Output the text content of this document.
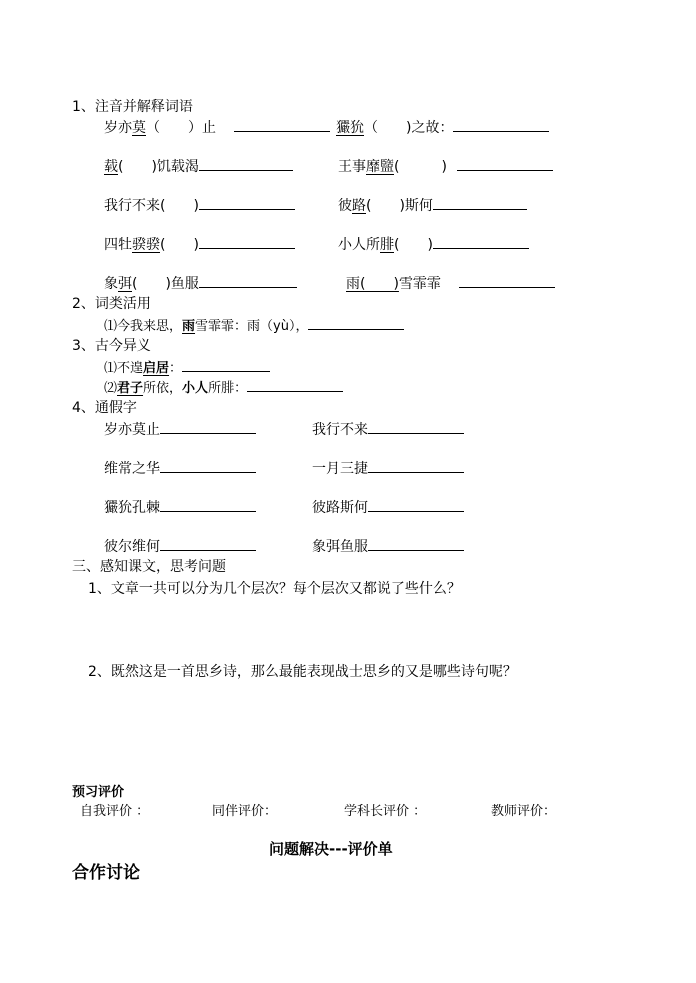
1、注音并解释词语
岁亦莫（　　）止	玁狁（　　)之故：
载(　　)饥载渴	王事靡盬(　　　)
我行不来(　　)	彼路(　　)斯何
四牡骙骙(　　)	小人所腓(　　)
象弭(　　)鱼服	雨(　　)雪霏霏
2、词类活用
⑴今我来思，雨雪霏霏：雨（yù），
3、古今异义
⑴不遑启居：
⑵君子所依，小人所腓：
4、通假字
岁亦莫止	我行不来
维常之华	一月三捷
玁狁孔棘	彼路斯何
彼尔维何	象弭鱼服
三、感知课文，思考问题
1、文章一共可以分为几个层次？每个层次又都说了些什么？
2、既然这是一首思乡诗，那么最能表现战士思乡的又是哪些诗句呢？
预习评价
自我评价 ：	同伴评价：	学科长评价 ：	教师评价：
问题解决---评价单
合作讨论
